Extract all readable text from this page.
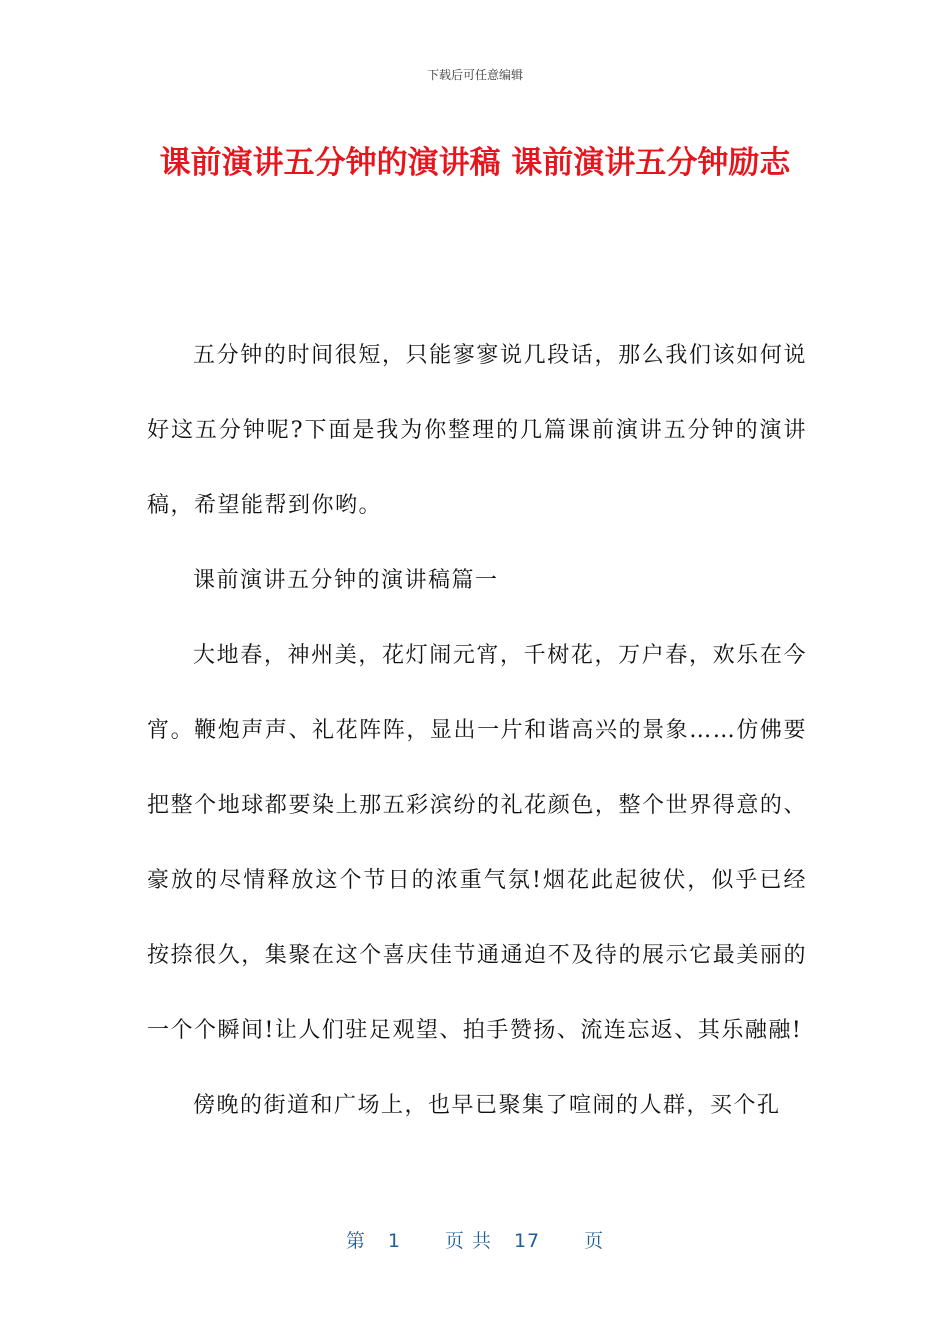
下载后可任意编辑
课前演讲五分钟的演讲稿 课前演讲五分钟励志

五分钟的时间很短，只能寥寥说几段话，那么我们该如何说好这五分钟呢?下面是我为你整理的几篇课前演讲五分钟的演讲稿，希望能帮到你哟。

课前演讲五分钟的演讲稿篇一

大地春，神州美，花灯闹元宵，千树花，万户春，欢乐在今宵。鞭炮声声、礼花阵阵，显出一片和谐高兴的景象……仿佛要把整个地球都要染上那五彩滨纷的礼花颜色，整个世界得意的、豪放的尽情释放这个节日的浓重气氛!烟花此起彼伏，似乎已经按捺很久，集聚在这个喜庆佳节通通迫不及待的展示它最美丽的一个个瞬间!让人们驻足观望、拍手赞扬、流连忘返、其乐融融!

傍晚的街道和广场上，也早已聚集了喧闹的人群，买个孔

第 1 页 共 17 页
